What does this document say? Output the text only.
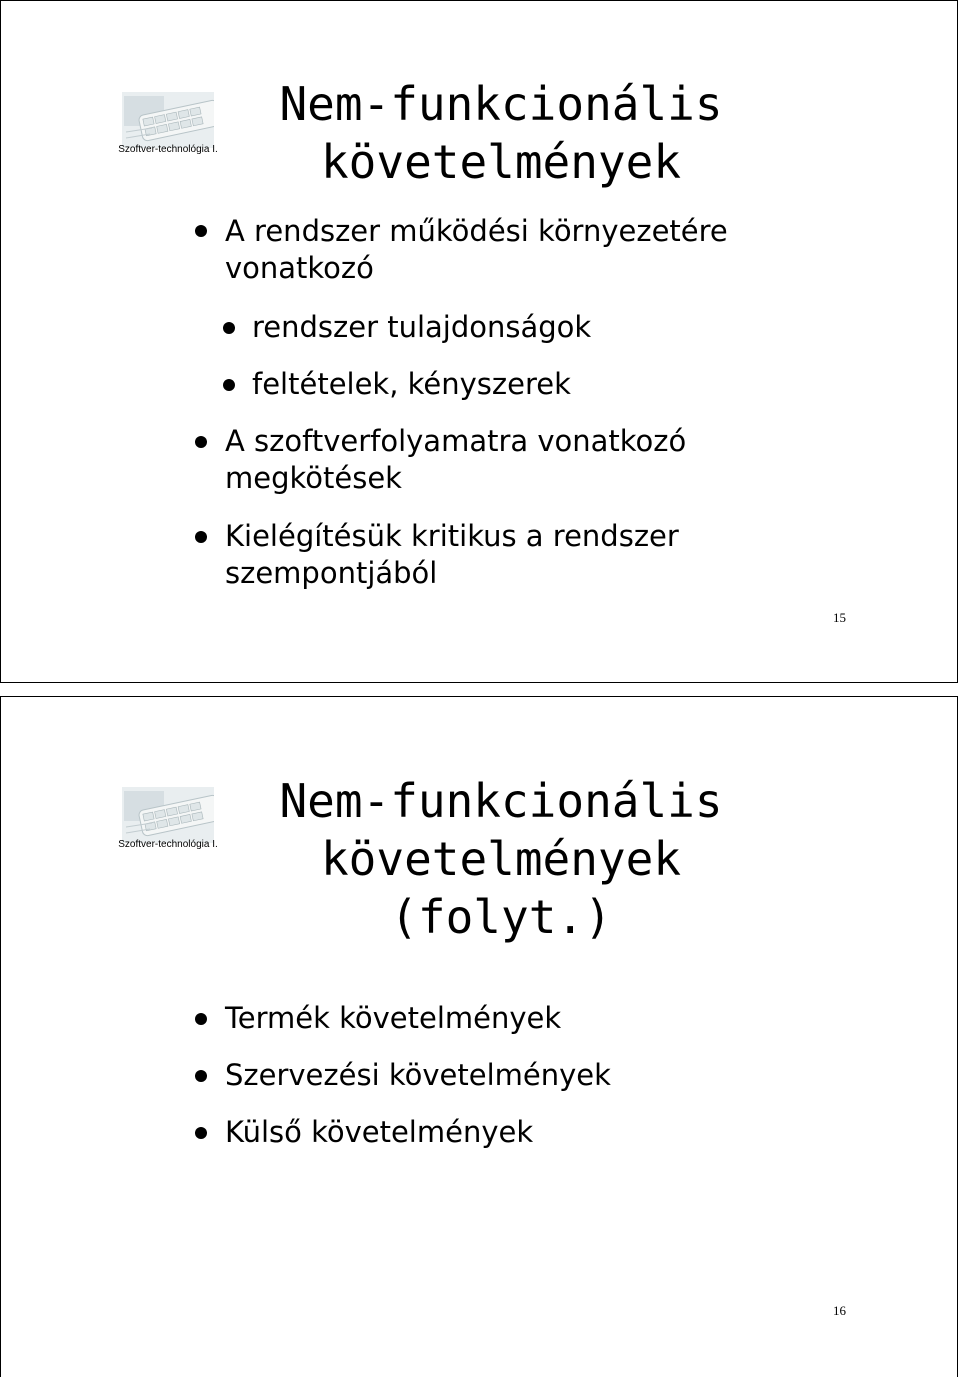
Szoftver-technológia I.
Nem-funkcionális
követelmények
A rendszer működési környezetére
vonatkozó
rendszer tulajdonságok
feltételek, kényszerek
A szoftverfolyamatra vonatkozó
megkötések
Kielégítésük kritikus a rendszer
szempontjából
15
Szoftver-technológia I.
Nem-funkcionális
követelmények (folyt.)
Termék követelmények
Szervezési követelmények
Külső követelmények
16
